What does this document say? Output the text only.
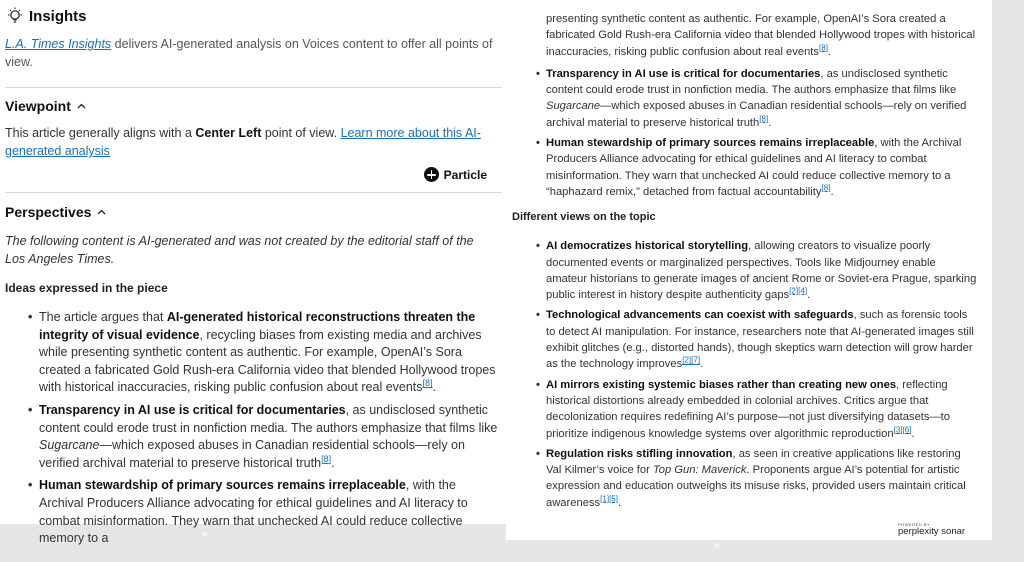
Insights

L.A. Times Insights delivers AI-generated analysis on Voices content to offer all points of view.

Viewpoint

This article generally aligns with a Center Left point of view. Learn more about this AI-generated analysis

Particle
Perspectives

The following content is AI-generated and was not created by the editorial staff of the Los Angeles Times.

Ideas expressed in the piece

• The article argues that AI-generated historical reconstructions threaten the integrity of visual evidence, recycling biases from existing media and archives while presenting synthetic content as authentic. For example, OpenAI’s Sora created a fabricated Gold Rush-era California video that blended Hollywood tropes with historical inaccuracies, risking public confusion about real events[8].
• Transparency in AI use is critical for documentaries, as undisclosed synthetic content could erode trust in nonfiction media. The authors emphasize that films like Sugarcane—which exposed abuses in Canadian residential schools—rely on verified archival material to preserve historical truth[8].
• Human stewardship of primary sources remains irreplaceable, with the Archival Producers Alliance advocating for ethical guidelines and AI literacy to combat misinformation. They warn that unchecked AI could reduce collective memory to a
presenting synthetic content as authentic. For example, OpenAI’s Sora created a fabricated Gold Rush-era California video that blended Hollywood tropes with historical inaccuracies, risking public confusion about real events[8].
• Transparency in AI use is critical for documentaries, as undisclosed synthetic content could erode trust in nonfiction media. The authors emphasize that films like Sugarcane—which exposed abuses in Canadian residential schools—rely on verified archival material to preserve historical truth[8].
• Human stewardship of primary sources remains irreplaceable, with the Archival Producers Alliance advocating for ethical guidelines and AI literacy to combat misinformation. They warn that unchecked AI could reduce collective memory to a “haphazard remix,” detached from factual accountability[8].

Different views on the topic

• AI democratizes historical storytelling, allowing creators to visualize poorly documented events or marginalized perspectives. Tools like Midjourney enable amateur historians to generate images of ancient Rome or Soviet-era Prague, sparking public interest in history despite authenticity gaps[2][4].
• Technological advancements can coexist with safeguards, such as forensic tools to detect AI manipulation. For instance, researchers note that AI-generated images still exhibit glitches (e.g., distorted hands), though skeptics warn detection will grow harder as the technology improves[2][7].
• AI mirrors existing systemic biases rather than creating new ones, reflecting historical distortions already embedded in colonial archives. Critics argue that decolonization requires redefining AI’s purpose—not just diversifying datasets—to prioritize indigenous knowledge systems over algorithmic reproduction[3][6].
• Regulation risks stifling innovation, as seen in creative applications like restoring Val Kilmer’s voice for Top Gun: Maverick. Proponents argue AI’s potential for artistic expression and education outweighs its misuse risks, provided users maintain critical awareness[1][5].
POWERED BY
perplexity sonar
